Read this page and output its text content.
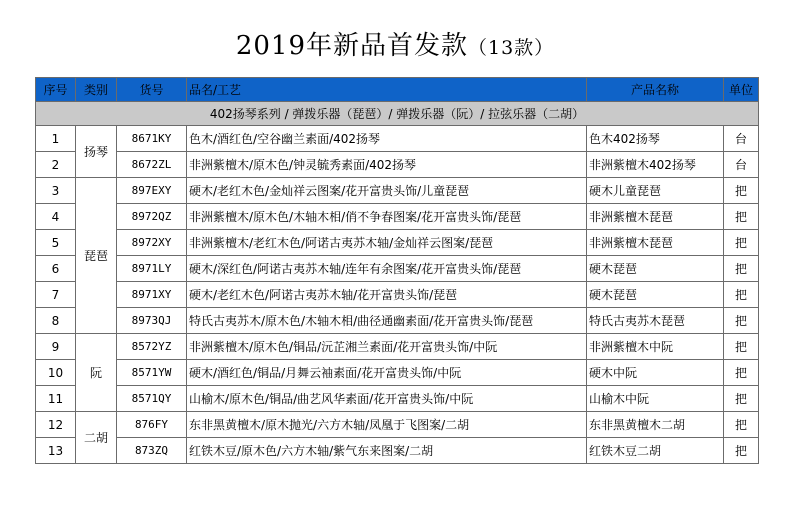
2019年新品首发款（13款）
序号	类别	货号	品名/工艺	产品名称	单位
402扬琴系列 / 弹拨乐器（琵琶）/ 弹拨乐器（阮）/ 拉弦乐器（二胡）					
1	扬琴	8671KY	色木/酒红色/空谷幽兰素面/402扬琴	色木402扬琴	台
2		8672ZL	非洲紫檀木/原木色/钟灵毓秀素面/402扬琴	非洲紫檀木402扬琴	台
3	琵琶	897EXY	硬木/老红木色/金灿祥云图案/花开富贵头饰/儿童琵琶	硬木儿童琵琶	把
4		8972QZ	非洲紫檀木/原木色/木轴木相/俏不争春图案/花开富贵头饰/琵琶	非洲紫檀木琵琶	把
5		8972XY	非洲紫檀木/老红木色/阿诺古夷苏木轴/金灿祥云图案/琵琶	非洲紫檀木琵琶	把
6		8971LY	硬木/深红色/阿诺古夷苏木轴/连年有余图案/花开富贵头饰/琵琶	硬木琵琶	把
7		8971XY	硬木/老红木色/阿诺古夷苏木轴/花开富贵头饰/琵琶	硬木琵琶	把
8		8973QJ	特氏古夷苏木/原木色/木轴木相/曲径通幽素面/花开富贵头饰/琵琶	特氏古夷苏木琵琶	把
9	阮	8572YZ	非洲紫檀木/原木色/铜品/沅芷湘兰素面/花开富贵头饰/中阮	非洲紫檀木中阮	把
10		8571YW	硬木/酒红色/铜品/月舞云袖素面/花开富贵头饰/中阮	硬木中阮	把
11		8571QY	山榆木/原木色/铜品/曲艺风华素面/花开富贵头饰/中阮	山榆木中阮	把
12	二胡	876FY	东非黑黄檀木/原木抛光/六方木轴/凤凰于飞图案/二胡	东非黑黄檀木二胡	把
13		873ZQ	红铁木豆/原木色/六方木轴/紫气东来图案/二胡	红铁木豆二胡	把
